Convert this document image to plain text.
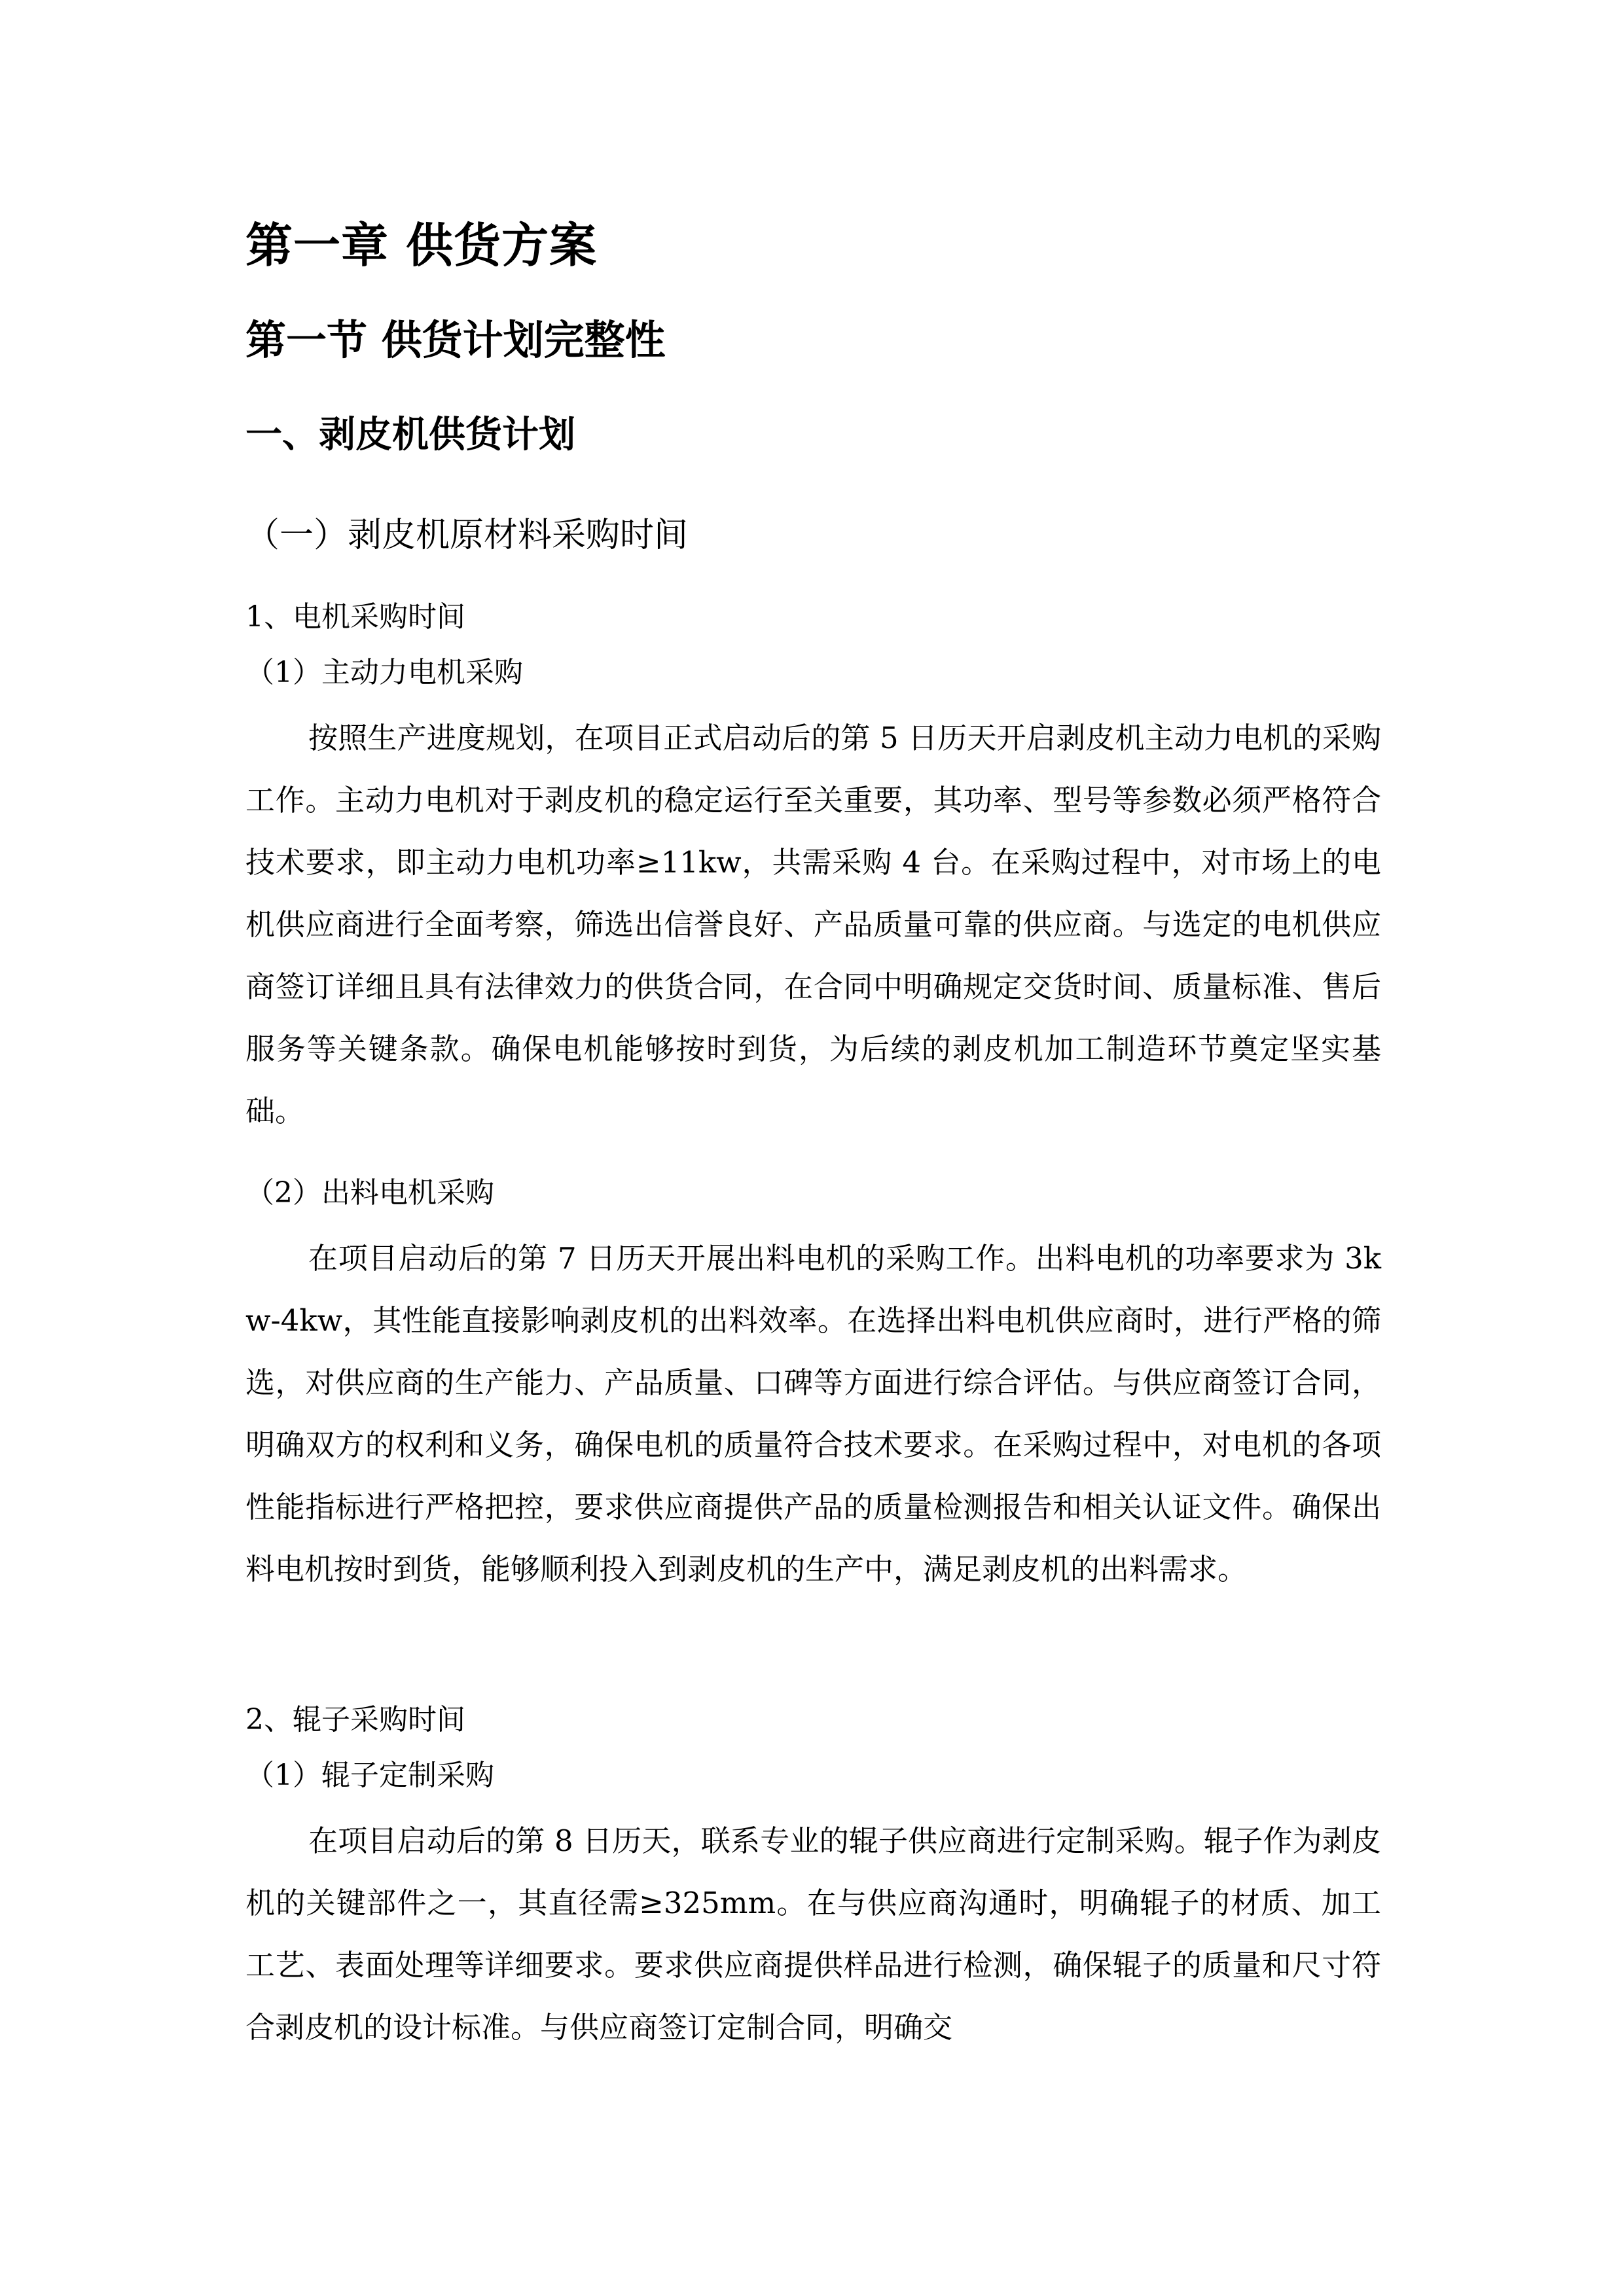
第一章 供货方案
第一节 供货计划完整性
一、剥皮机供货计划
（一）剥皮机原材料采购时间
1、电机采购时间
（1）主动力电机采购
按照生产进度规划，在项目正式启动后的第 5 日历天开启剥皮机主动力电机的采购工作。主动力电机对于剥皮机的稳定运行至关重要，其功率、型号等参数必须严格符合技术要求，即主动力电机功率≥11kw，共需采购 4 台。在采购过程中，对市场上的电机供应商进行全面考察，筛选出信誉良好、产品质量可靠的供应商。与选定的电机供应商签订详细且具有法律效力的供货合同，在合同中明确规定交货时间、质量标准、售后服务等关键条款。确保电机能够按时到货，为后续的剥皮机加工制造环节奠定坚实基础。
（2）出料电机采购
在项目启动后的第 7 日历天开展出料电机的采购工作。出料电机的功率要求为 3kw-4kw，其性能直接影响剥皮机的出料效率。在选择出料电机供应商时，进行严格的筛选，对供应商的生产能力、产品质量、口碑等方面进行综合评估。与供应商签订合同，明确双方的权利和义务，确保电机的质量符合技术要求。在采购过程中，对电机的各项性能指标进行严格把控，要求供应商提供产品的质量检测报告和相关认证文件。确保出料电机按时到货，能够顺利投入到剥皮机的生产中，满足剥皮机的出料需求。
2、辊子采购时间
（1）辊子定制采购
在项目启动后的第 8 日历天，联系专业的辊子供应商进行定制采购。辊子作为剥皮机的关键部件之一，其直径需≥325mm。在与供应商沟通时，明确辊子的材质、加工工艺、表面处理等详细要求。要求供应商提供样品进行检测，确保辊子的质量和尺寸符合剥皮机的设计标准。与供应商签订定制合同，明确交
